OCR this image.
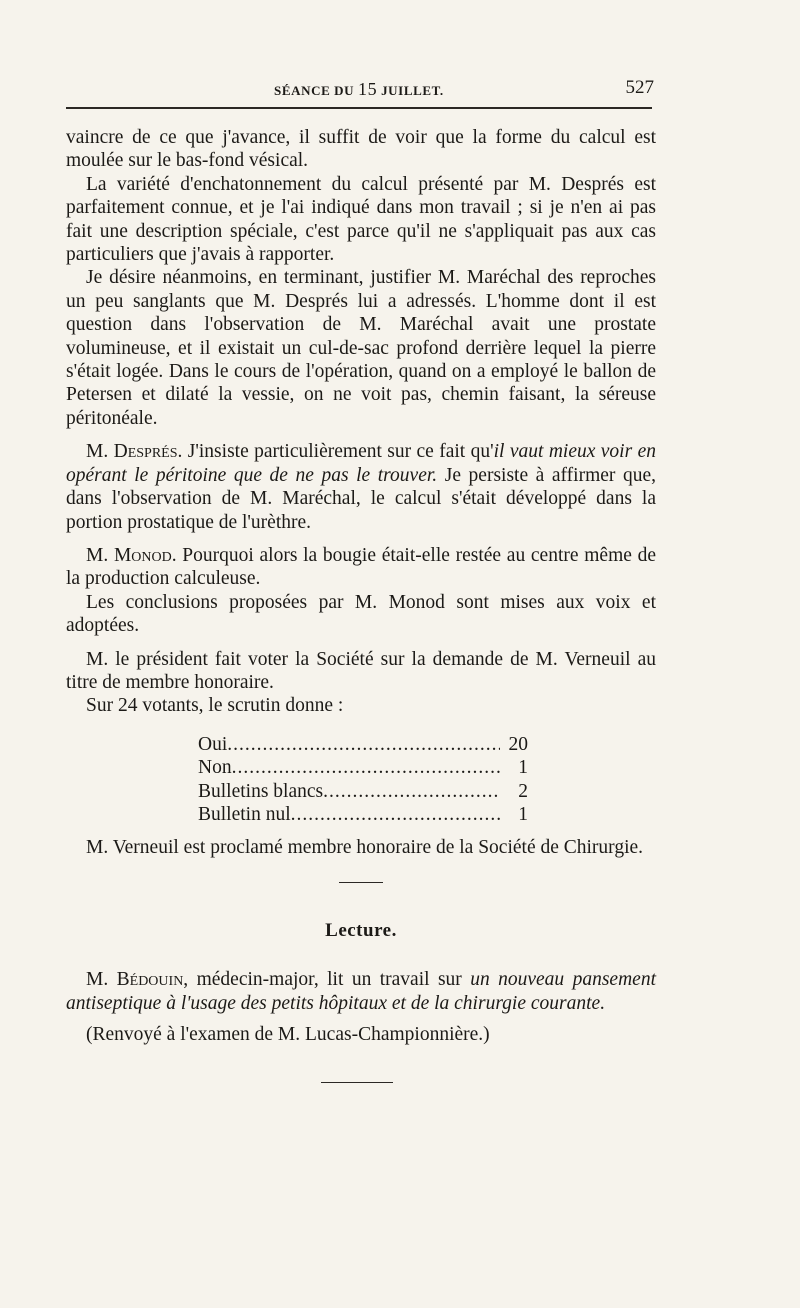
SÉANCE DU 15 JUILLET.	527

vaincre de ce que j'avance, il suffit de voir que la forme du calcul est moulée sur le bas-fond vésical.

La variété d'enchatonnement du calcul présenté par M. Després est parfaitement connue, et je l'ai indiqué dans mon travail ; si je n'en ai pas fait une description spéciale, c'est parce qu'il ne s'appliquait pas aux cas particuliers que j'avais à rapporter.

Je désire néanmoins, en terminant, justifier M. Maréchal des reproches un peu sanglants que M. Després lui a adressés. L'homme dont il est question dans l'observation de M. Maréchal avait une prostate volumineuse, et il existait un cul-de-sac profond derrière lequel la pierre s'était logée. Dans le cours de l'opération, quand on a employé le ballon de Petersen et dilaté la vessie, on ne voit pas, chemin faisant, la séreuse péritonéale.

M. Després. J'insiste particulièrement sur ce fait qu'il vaut mieux voir en opérant le péritoine que de ne pas le trouver. Je persiste à affirmer que, dans l'observation de M. Maréchal, le calcul s'était développé dans la portion prostatique de l'urèthre.

M. Monod. Pourquoi alors la bougie était-elle restée au centre même de la production calculeuse.

Les conclusions proposées par M. Monod sont mises aux voix et adoptées.

M. le président fait voter la Société sur la demande de M. Verneuil au titre de membre honoraire.

Sur 24 votants, le scrutin donne :

Oui .....	20
Non .....	1
Bulletins blancs .....	2
Bulletin nul .....	1

M. Verneuil est proclamé membre honoraire de la Société de Chirurgie.

Lecture.

M. Bédouin, médecin-major, lit un travail sur un nouveau pansement antiseptique à l'usage des petits hôpitaux et de la chirurgie courante.

(Renvoyé à l'examen de M. Lucas-Championnière.)
